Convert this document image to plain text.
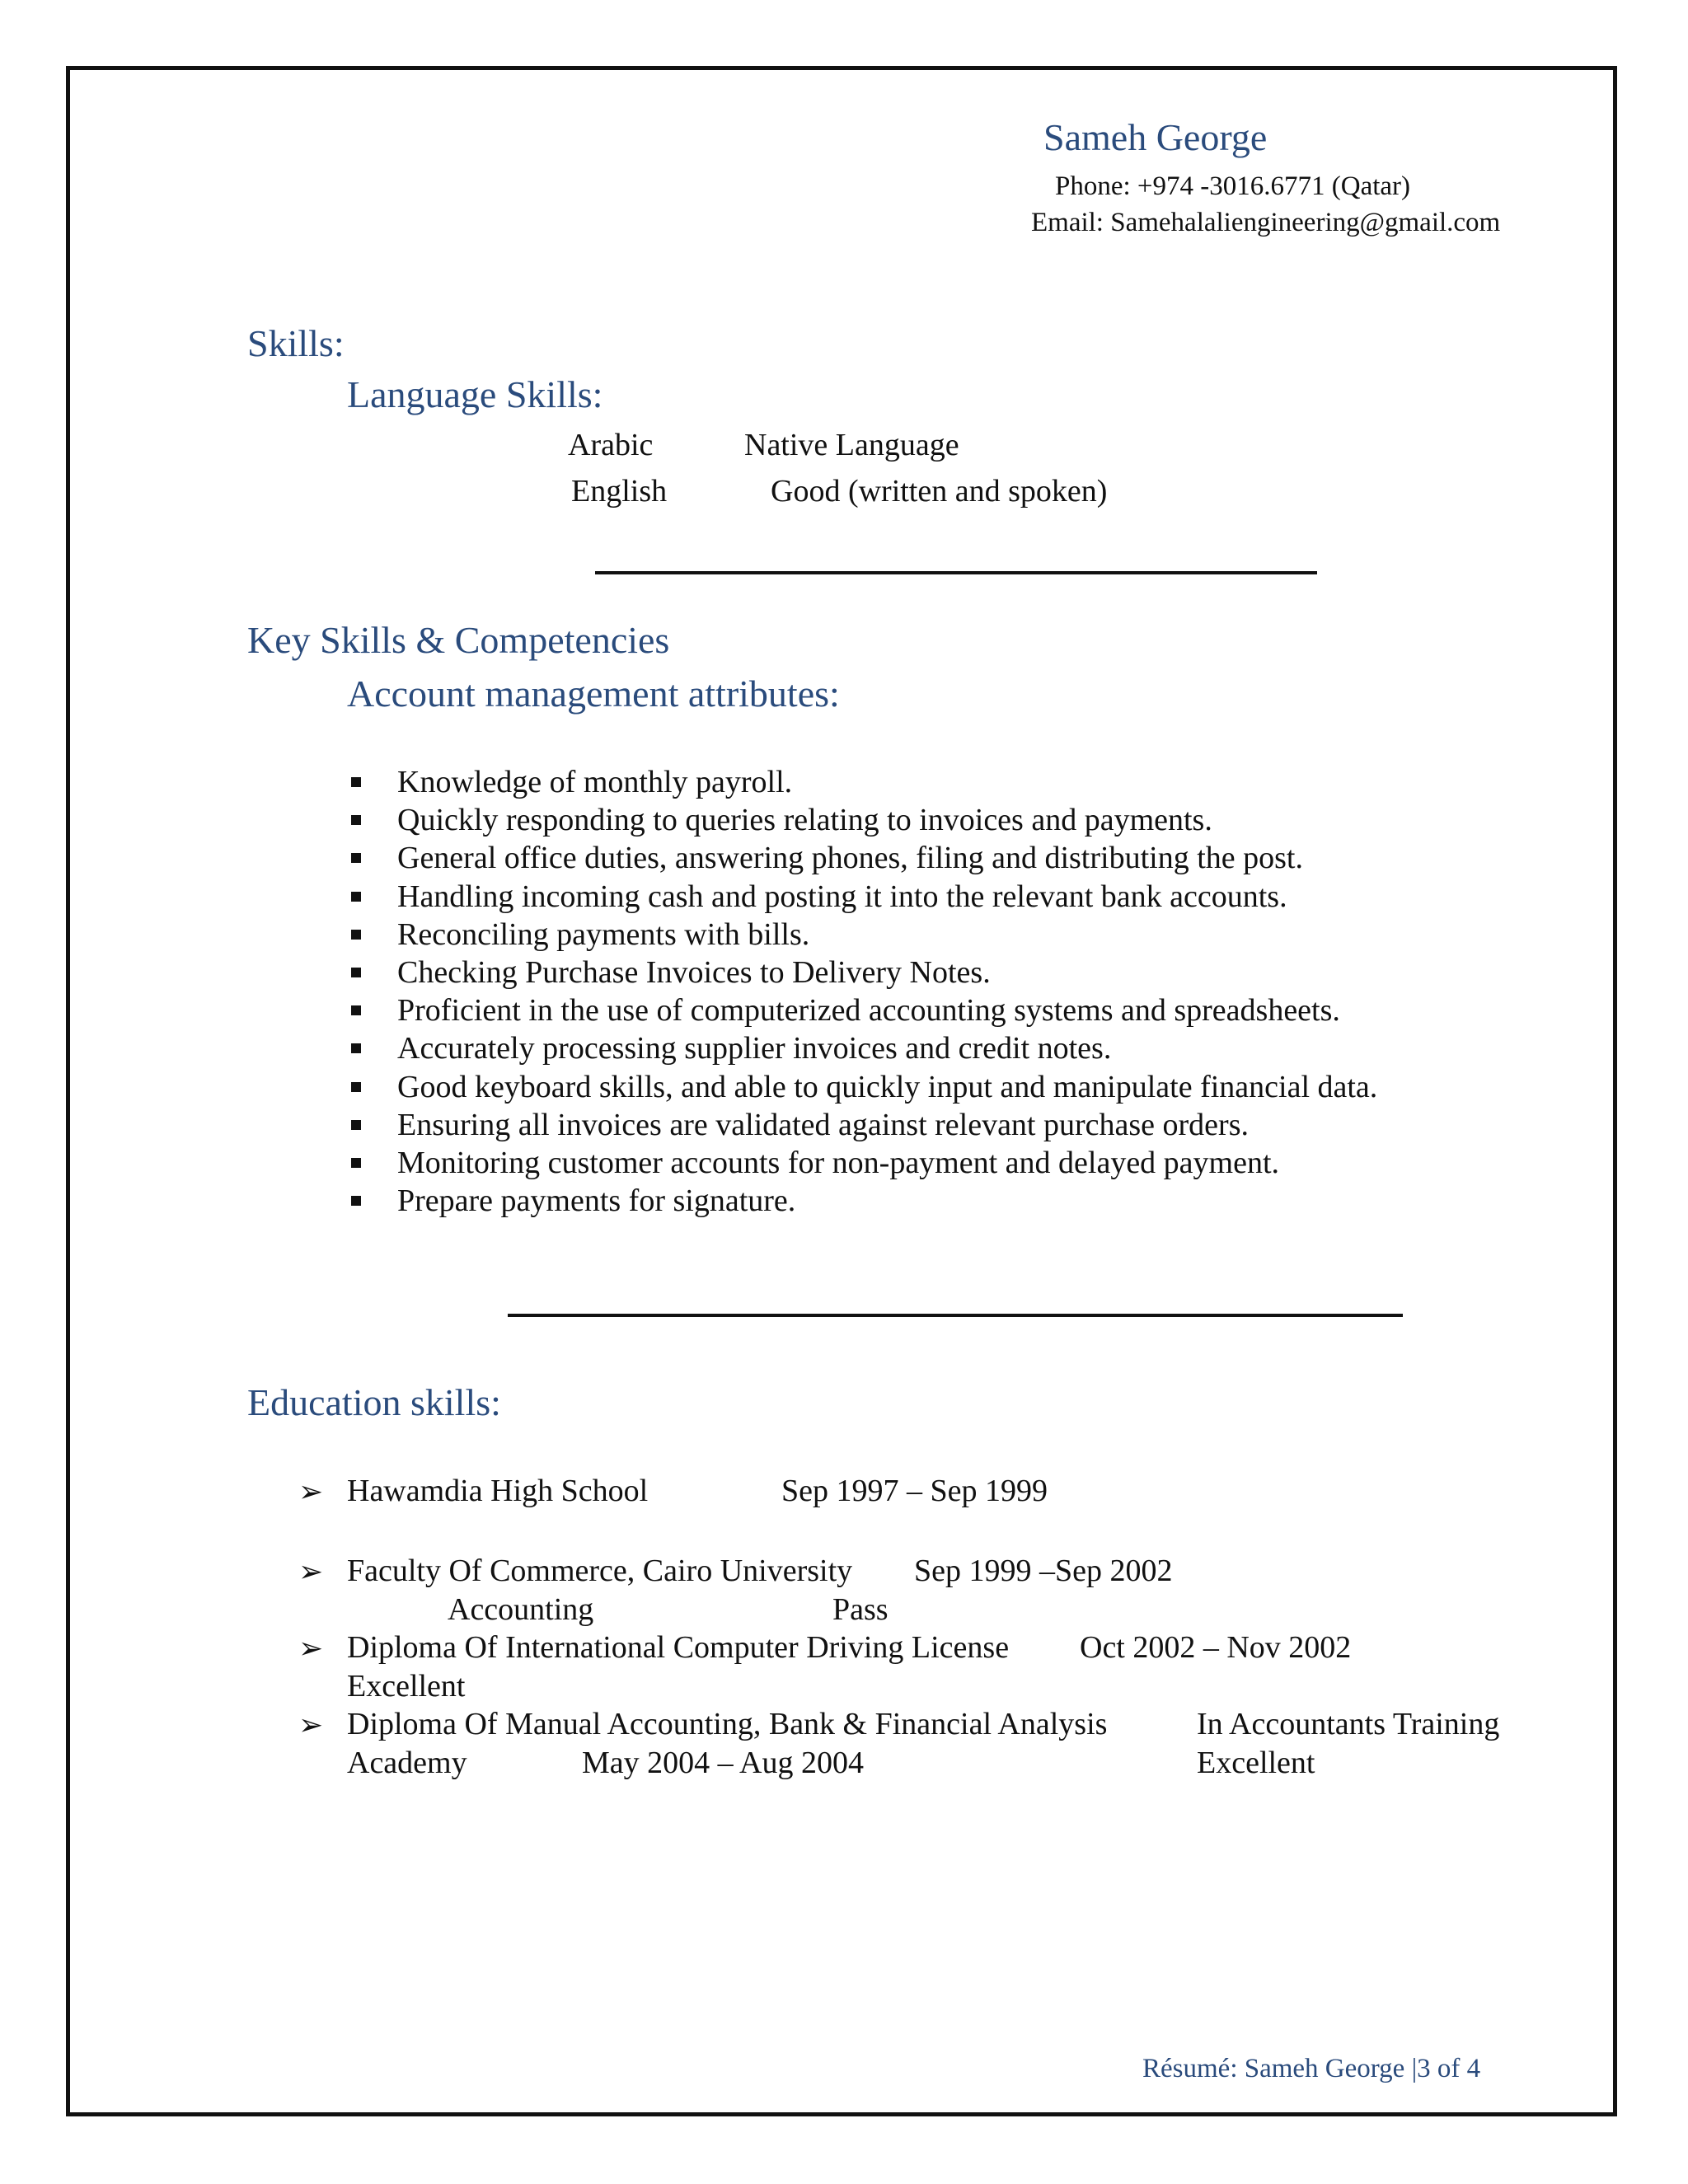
Sameh George
Phone: +974 -3016.6771 (Qatar)
Email: Samehalaliengineering@gmail.com
Skills:
Language Skills:
Arabic	Native Language
English	Good (written and spoken)
Key Skills & Competencies
Account management attributes:
Knowledge of monthly payroll.
Quickly responding to queries relating to invoices and payments.
General office duties, answering phones, filing and distributing the post.
Handling incoming cash and posting it into the relevant bank accounts.
Reconciling payments with bills.
Checking Purchase Invoices to Delivery Notes.
Proficient in the use of computerized accounting systems and spreadsheets.
Accurately processing supplier invoices and credit notes.
Good keyboard skills, and able to quickly input and manipulate financial data.
Ensuring all invoices are validated against relevant purchase orders.
Monitoring customer accounts for non-payment and delayed payment.
Prepare payments for signature.
Education skills:
➢ Hawamdia High School	Sep 1997 – Sep 1999
➢ Faculty Of Commerce, Cairo University Sep 1999 –Sep 2002
Accounting	Pass
➢ Diploma Of International Computer Driving License Oct 2002 – Nov 2002
Excellent
➢ Diploma Of Manual Accounting, Bank & Financial Analysis	In Accountants Training
Academy	May 2004 – Aug 2004	Excellent
Résumé: Sameh George |3 of 4
